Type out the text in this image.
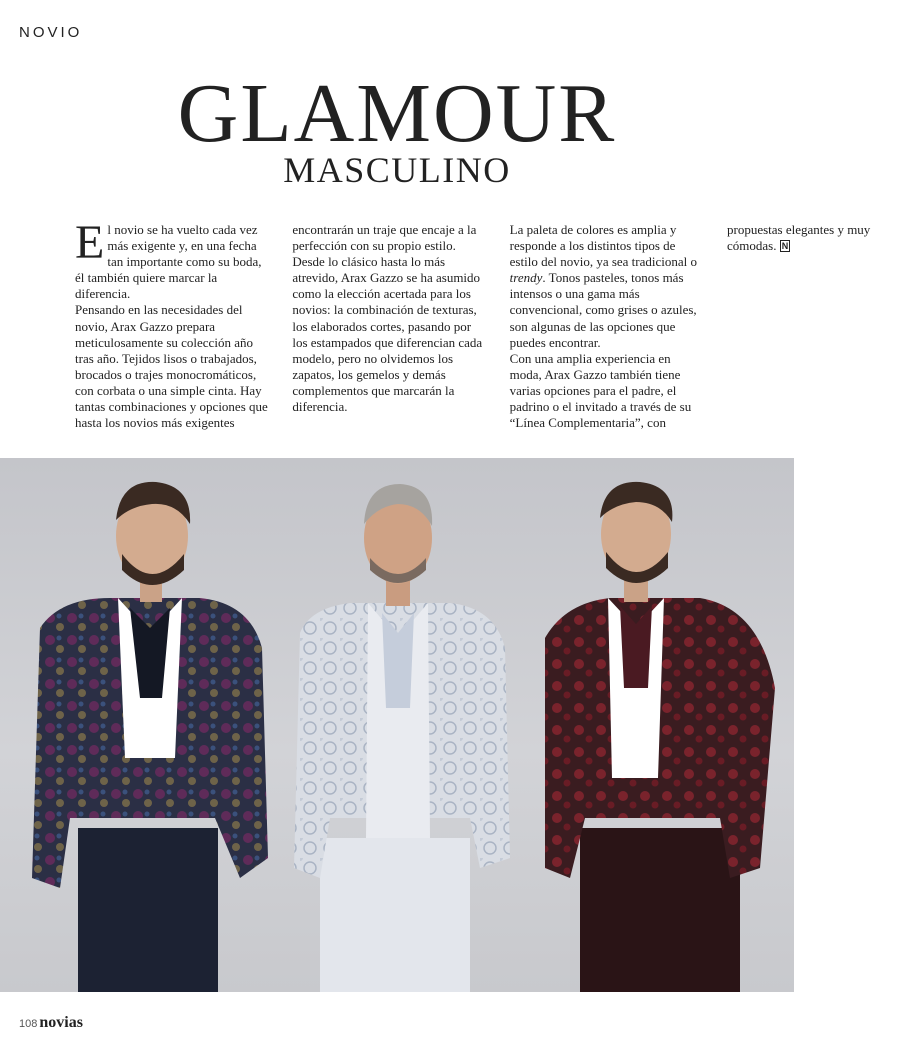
NOVIO
GLAMOUR
MASCULINO

El novio se ha vuelto cada vez más exigente y, en una fecha tan importante como su boda, él también quiere marcar la diferencia.

Pensando en las necesidades del novio, Arax Gazzo prepara meticulosamente su colección año tras año. Tejidos lisos o trabajados, brocados o trajes monocromáticos, con corbata o una simple cinta. Hay tantas combinaciones y opciones que hasta los novios más exigentes encontrarán un traje que encaje a la perfección con su propio estilo. Desde lo clásico hasta lo más atrevido, Arax Gazzo se ha asumido como la elección acertada para los novios: la combinación de texturas, los elaborados cortes, pasando por los estampados que diferencian cada modelo, pero no olvidemos los zapatos, los gemelos y demás complementos que marcarán la diferencia.

La paleta de colores es amplia y responde a los distintos tipos de estilo del novio, ya sea tradicional o trendy. Tonos pasteles, tonos más intensos o una gama más convencional, como grises o azules, son algunas de las opciones que puedes encontrar.

Con una amplia experiencia en moda, Arax Gazzo también tiene varias opciones para el padre, el padrino o el invitado a través de su “Línea Complementaria”, con propuestas elegantes y muy cómodas. N

108 novias
